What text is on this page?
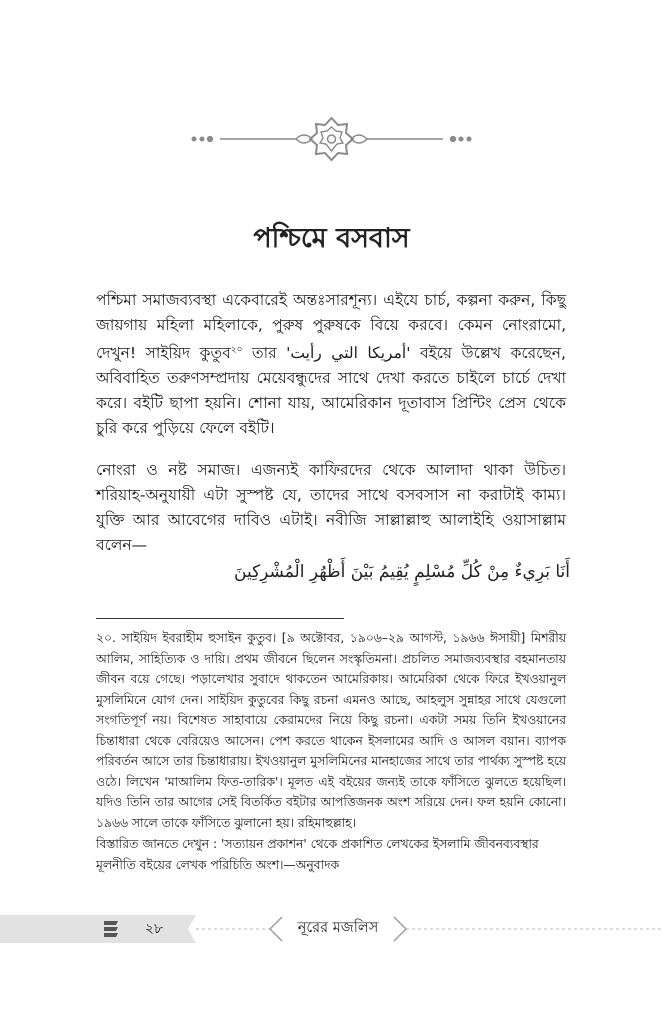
পশ্চিমে বসবাস
পশ্চিমা সমাজব্যবস্থা একেবারেই অন্তঃসারশূন্য। এইযে চার্চ, কল্পনা করুন, কিছু জায়গায় মহিলা মহিলাকে, পুরুষ পুরুষকে বিয়ে করবে। কেমন নোংরামো, দেখুন! সাইয়িদ কুতুব$^{২০}$ তার 'أمريكا التي رأيت' বইয়ে উল্লেখ করেছেন, অবিবাহিত তরুণসম্প্রদায় মেয়েবন্ধুদের সাথে দেখা করতে চাইলে চার্চে দেখা করে। বইটি ছাপা হয়নি। শোনা যায়, আমেরিকান দূতাবাস প্রিন্টিং প্রেস থেকে চুরি করে পুড়িয়ে ফেলে বইটি।
নোংরা ও নষ্ট সমাজ। এজন্যই কাফিরদের থেকে আলাদা থাকা উচিত। শরিয়াহ-অনুযায়ী এটা সুস্পষ্ট যে, তাদের সাথে বসবসাস না করাটাই কাম্য। যুক্তি আর আবেগের দাবিও এটাই। নবীজি সাল্লাল্লাহু আলাইহি ওয়াসাল্লাম বলেন—
أَنَا بَرِيءٌ مِنْ كُلِّ مُسْلِمٍ يُقِيمُ بَيْنَ أَظْهُرِ الْمُشْرِكِينَ
২০. সাইয়িদ ইবরাহীম হুসাইন কুতুব। [৯ অক্টোবর, ১৯০৬–২৯ আগস্ট, ১৯৬৬ ঈসায়ী] মিশরীয় আলিম, সাহিত্যিক ও দায়ি। প্রথম জীবনে ছিলেন সংস্কৃতিমনা। প্রচলিত সমাজব্যবস্থার বহমানতায় জীবন বয়ে গেছে। পড়ালেখার সুবাদে থাকতেন আমেরিকায়। আমেরিকা থেকে ফিরে ইখওয়ানুল মুসলিমিনে যোগ দেন। সাইয়িদ কুতুবের কিছু রচনা এমনও আছে, আহলুস সুন্নাহর সাথে যেগুলো সংগতিপূর্ণ নয়। বিশেষত সাহাবায়ে কেরামদের নিয়ে কিছু রচনা। একটা সময় তিনি ইখওয়ানের চিন্তাধারা থেকে বেরিয়েও আসেন। পেশ করতে থাকেন ইসলামের আদি ও আসল বয়ান। ব্যাপক পরিবর্তন আসে তার চিন্তাধারায়। ইখওয়ানুল মুসলিমিনের মানহাজের সাথে তার পার্থক্য সুস্পষ্ট হয়ে ওঠে। লিখেন 'মাআলিম ফিত-তারিক'। মূলত এই বইয়ের জন্যই তাকে ফাঁসিতে ঝুলতে হয়েছিল। যদিও তিনি তার আগের সেই বিতর্কিত বইটার আপত্তিজনক অংশ সরিয়ে দেন। ফল হয়নি কোনো। ১৯৬৬ সালে তাকে ফাঁসিতে ঝুলানো হয়। রহিমাহুল্লাহ।
বিস্তারিত জানতে দেখুন : 'সত্যায়ন প্রকাশন' থেকে প্রকাশিত লেখকের ইসলামি জীবনব্যবস্থার মূলনীতি বইয়ের লেখক পরিচিতি অংশ।—অনুবাদক
২৮	নূরের মজলিস
